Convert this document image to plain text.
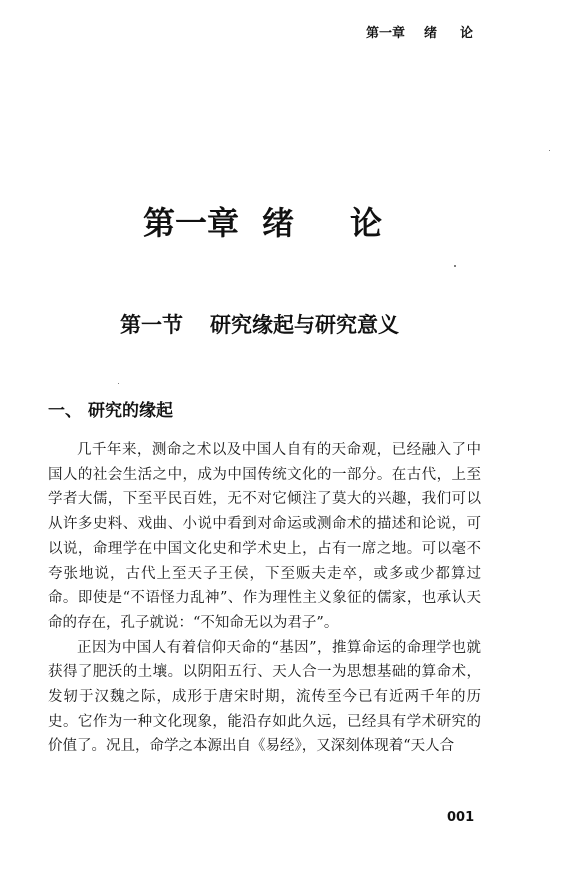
第一章 绪 论
第一章 绪 论
第一节 研究缘起与研究意义
一、 研究的缘起

几千年来，测命之术以及中国人自有的天命观，已经融入了中国人的社会生活之中，成为中国传统文化的一部分。在古代，上至学者大儒，下至平民百姓，无不对它倾注了莫大的兴趣，我们可以从许多史料、戏曲、小说中看到对命运或测命术的描述和论说，可以说，命理学在中国文化史和学术史上，占有一席之地。可以毫不夸张地说，古代上至天子王侯，下至贩夫走卒，或多或少都算过命。即使是“不语怪力乱神”、作为理性主义象征的儒家，也承认天命的存在，孔子就说：“不知命无以为君子”。

正因为中国人有着信仰天命的“基因”，推算命运的命理学也就获得了肥沃的土壤。以阴阳五行、天人合一为思想基础的算命术，发轫于汉魏之际，成形于唐宋时期，流传至今已有近两千年的历史。它作为一种文化现象，能沿存如此久远，已经具有学术研究的价值了。况且，命学之本源出自《易经》，又深刻体现着“天人合

001
